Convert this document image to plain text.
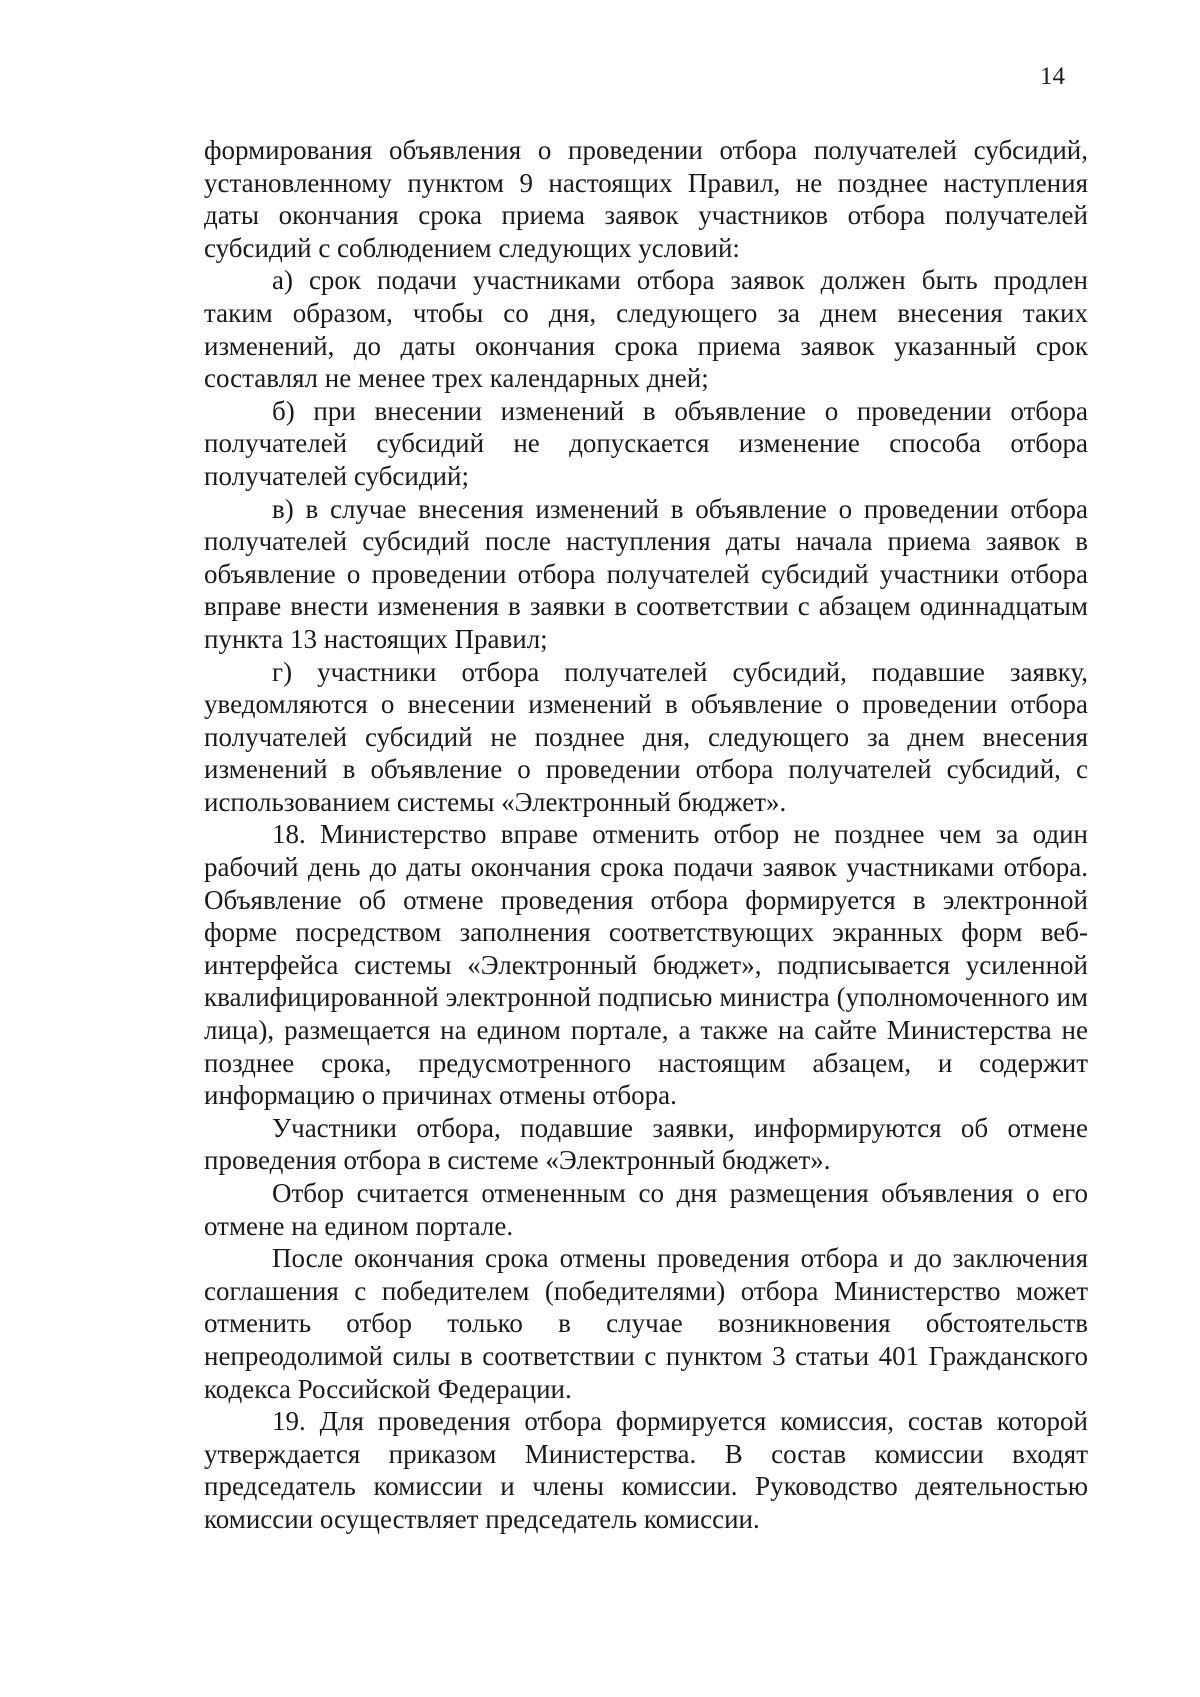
14

формирования объявления о проведении отбора получателей субсидий, установленному пунктом 9 настоящих Правил, не позднее наступления даты окончания срока приема заявок участников отбора получателей субсидий с соблюдением следующих условий:

а) срок подачи участниками отбора заявок должен быть продлен таким образом, чтобы со дня, следующего за днем внесения таких изменений, до даты окончания срока приема заявок указанный срок составлял не менее трех календарных дней;

б) при внесении изменений в объявление о проведении отбора получателей субсидий не допускается изменение способа отбора получателей субсидий;

в) в случае внесения изменений в объявление о проведении отбора получателей субсидий после наступления даты начала приема заявок в объявление о проведении отбора получателей субсидий участники отбора вправе внести изменения в заявки в соответствии с абзацем одиннадцатым пункта 13 настоящих Правил;

г) участники отбора получателей субсидий, подавшие заявку, уведомляются о внесении изменений в объявление о проведении отбора получателей субсидий не позднее дня, следующего за днем внесения изменений в объявление о проведении отбора получателей субсидий, с использованием системы «Электронный бюджет».

18. Министерство вправе отменить отбор не позднее чем за один рабочий день до даты окончания срока подачи заявок участниками отбора. Объявление об отмене проведения отбора формируется в электронной форме посредством заполнения соответствующих экранных форм веб-интерфейса системы «Электронный бюджет», подписывается усиленной квалифицированной электронной подписью министра (уполномоченного им лица), размещается на едином портале, а также на сайте Министерства не позднее срока, предусмотренного настоящим абзацем, и содержит информацию о причинах отмены отбора.

Участники отбора, подавшие заявки, информируются об отмене проведения отбора в системе «Электронный бюджет».

Отбор считается отмененным со дня размещения объявления о его отмене на едином портале.

После окончания срока отмены проведения отбора и до заключения соглашения с победителем (победителями) отбора Министерство может отменить отбор только в случае возникновения обстоятельств непреодолимой силы в соответствии с пунктом 3 статьи 401 Гражданского кодекса Российской Федерации.

19. Для проведения отбора формируется комиссия, состав которой утверждается приказом Министерства. В состав комиссии входят председатель комиссии и члены комиссии. Руководство деятельностью комиссии осуществляет председатель комиссии.
